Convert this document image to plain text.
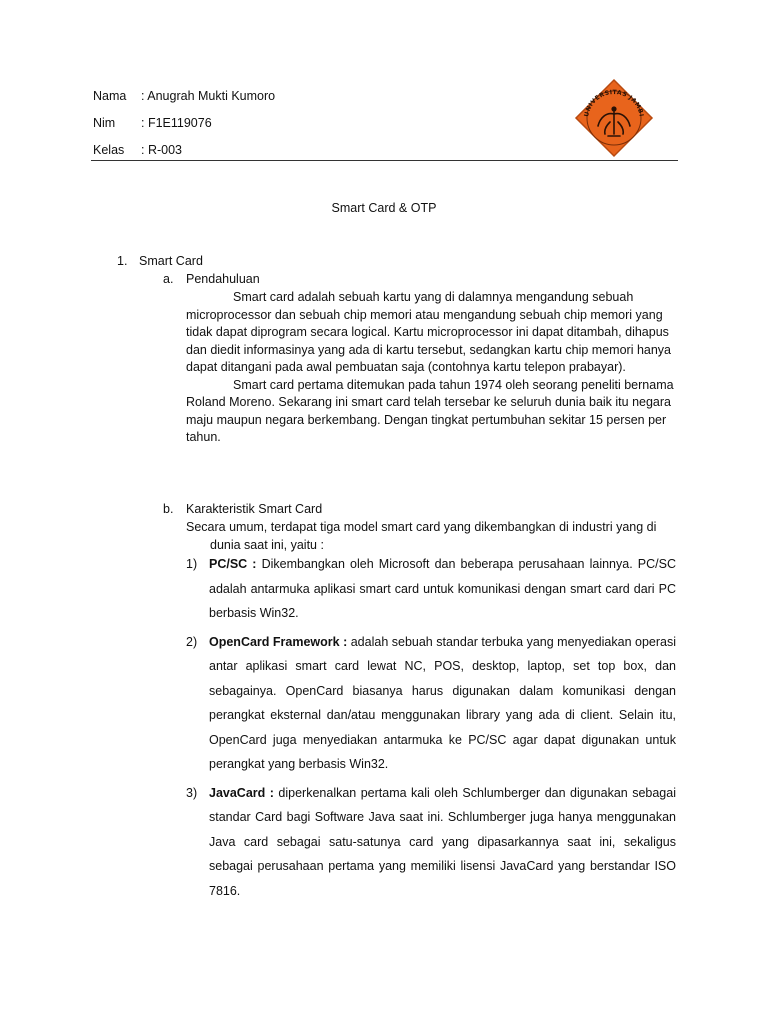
Nama	: Anugrah Mukti Kumoro
Nim	: F1E119076
Kelas	: R-003
UNIVERSITAS JAMBI
Smart Card & OTP
1. Smart Card
a. Pendahuluan

Smart card adalah sebuah kartu yang di dalamnya mengandung sebuah microprocessor dan sebuah chip memori atau mengandung sebuah chip memori yang tidak dapat diprogram secara logical. Kartu microprocessor ini dapat ditambah, dihapus dan diedit informasinya yang ada di kartu tersebut, sedangkan kartu chip memori hanya dapat ditangani pada awal pembuatan saja (contohnya kartu telepon prabayar).

Smart card pertama ditemukan pada tahun 1974 oleh seorang peneliti bernama Roland Moreno. Sekarang ini smart card telah tersebar ke seluruh dunia baik itu negara maju maupun negara berkembang. Dengan tingkat pertumbuhan sekitar 15 persen per tahun.

b. Karakteristik Smart Card

Secara umum, terdapat tiga model smart card yang dikembangkan di industri yang di dunia saat ini, yaitu :

1) PC/SC : Dikembangkan oleh Microsoft dan beberapa perusahaan lainnya. PC/SC adalah antarmuka aplikasi smart card untuk komunikasi dengan smart card dari PC berbasis Win32.
2) OpenCard Framework : adalah sebuah standar terbuka yang menyediakan operasi antar aplikasi smart card lewat NC, POS, desktop, laptop, set top box, dan sebagainya. OpenCard biasanya harus digunakan dalam komunikasi dengan perangkat eksternal dan/atau menggunakan library yang ada di client. Selain itu, OpenCard juga menyediakan antarmuka ke PC/SC agar dapat digunakan untuk perangkat yang berbasis Win32.
3) JavaCard : diperkenalkan pertama kali oleh Schlumberger dan digunakan sebagai standar Card bagi Software Java saat ini. Schlumberger juga hanya menggunakan Java card sebagai satu-satunya card yang dipasarkannya saat ini, sekaligus sebagai perusahaan pertama yang memiliki lisensi JavaCard yang berstandar ISO 7816.
